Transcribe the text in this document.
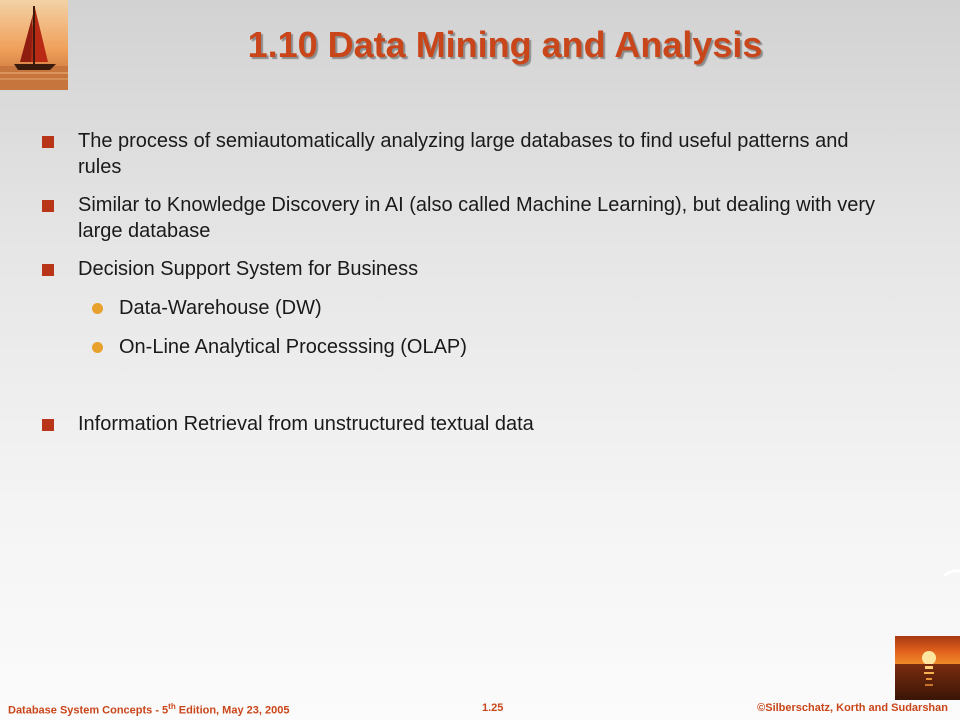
1.10 Data Mining and Analysis
The process of semiautomatically analyzing large databases to find useful patterns and rules
Similar to Knowledge Discovery in AI (also called Machine Learning), but dealing with very large database
Decision Support System for Business
Data-Warehouse (DW)
On-Line Analytical Processsing (OLAP)
Information Retrieval from unstructured textual data
Database System Concepts - 5th Edition, May 23, 2005	1.25	©Silberschatz, Korth and Sudarshan
